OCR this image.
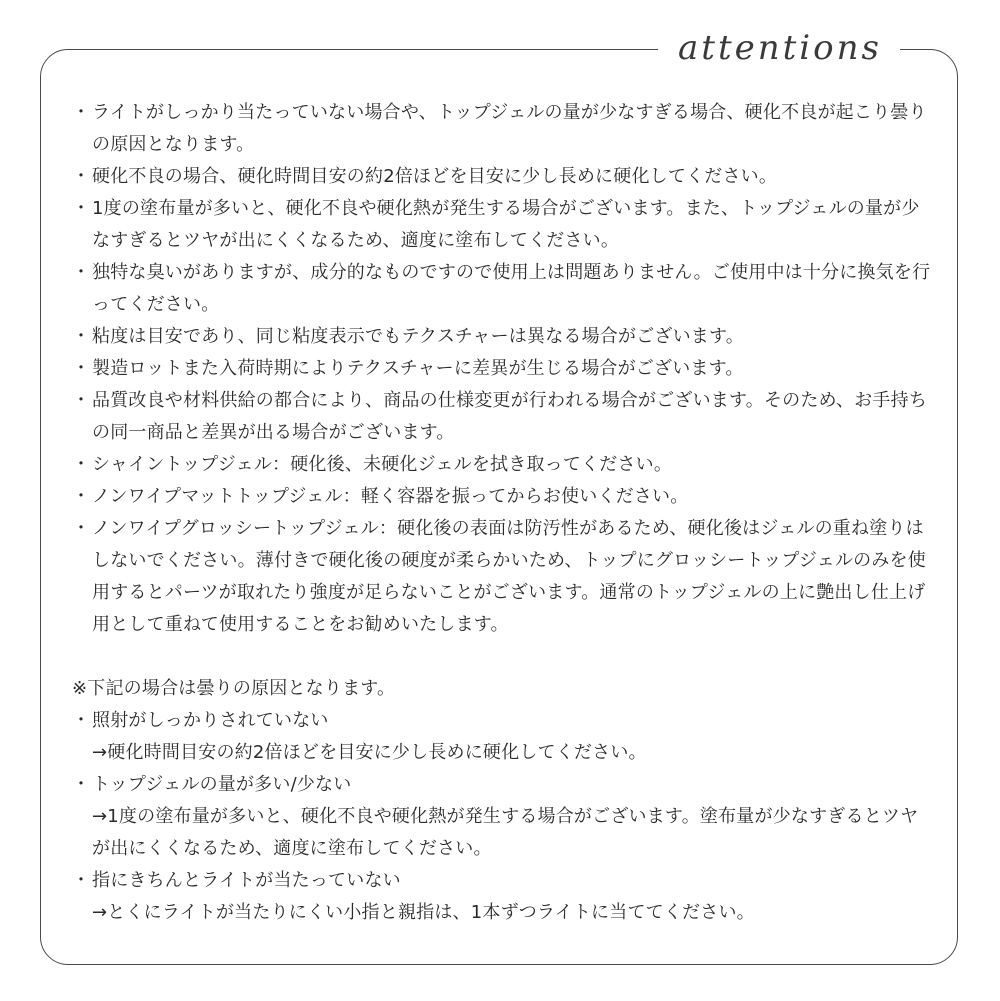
attentions
・ ライトがしっかり当たっていない場合や、トップジェルの量が少なすぎる場合、硬化不良が起こり曇りの原因となります。
・ 硬化不良の場合、硬化時間目安の約2倍ほどを目安に少し長めに硬化してください。
・ 1度の塗布量が多いと、硬化不良や硬化熱が発生する場合がございます。また、トップジェルの量が少なすぎるとツヤが出にくくなるため、適度に塗布してください。
・ 独特な臭いがありますが、成分的なものですので使用上は問題ありません。ご使用中は十分に換気を行ってください。
・ 粘度は目安であり、同じ粘度表示でもテクスチャーは異なる場合がございます。
・ 製造ロットまた入荷時期によりテクスチャーに差異が生じる場合がございます。
・ 品質改良や材料供給の都合により、商品の仕様変更が行われる場合がございます。そのため、お手持ちの同一商品と差異が出る場合がございます。
・ シャイントップジェル：硬化後、未硬化ジェルを拭き取ってください。
・ ノンワイプマットトップジェル：軽く容器を振ってからお使いください。
・ ノンワイプグロッシートップジェル：硬化後の表面は防汚性があるため、硬化後はジェルの重ね塗りはしないでください。薄付きで硬化後の硬度が柔らかいため、トップにグロッシートップジェルのみを使用するとパーツが取れたり強度が足らないことがございます。通常のトップジェルの上に艶出し仕上げ用として重ねて使用することをお勧めいたします。
※下記の場合は曇りの原因となります。
・ 照射がしっかりされていない
→硬化時間目安の約2倍ほどを目安に少し長めに硬化してください。
・ トップジェルの量が多い/少ない
→1度の塗布量が多いと、硬化不良や硬化熱が発生する場合がございます。塗布量が少なすぎるとツヤが出にくくなるため、適度に塗布してください。
・ 指にきちんとライトが当たっていない
→とくにライトが当たりにくい小指と親指は、1本ずつライトに当ててください。
